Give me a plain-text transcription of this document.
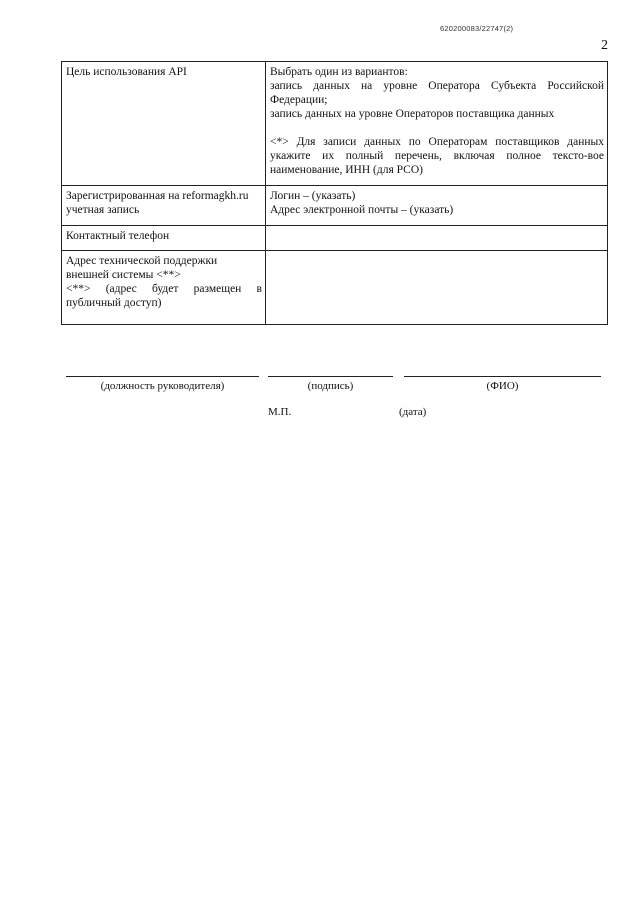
620200083/22747(2)
2
Цель использования API	Выбрать один из вариантов:
запись данных на уровне Оператора Субъекта Российской Федерации;
запись данных на уровне Операторов поставщика данных
<*> Для записи данных по Операторам поставщиков данных укажите их полный перечень, включая полное тексто-вое наименование, ИНН (для РСО)

Зарегистрированная на reformagkh.ru учетная запись	Логин – (указать)
Адрес электронной почты – (указать)

Контактный телефон	

Адрес технической поддержки внешней системы <**>
<**> (адрес будет размещен в публичный доступ)	

(должность руководителя)	(подпись)	(ФИО)
М.П.	(дата)
